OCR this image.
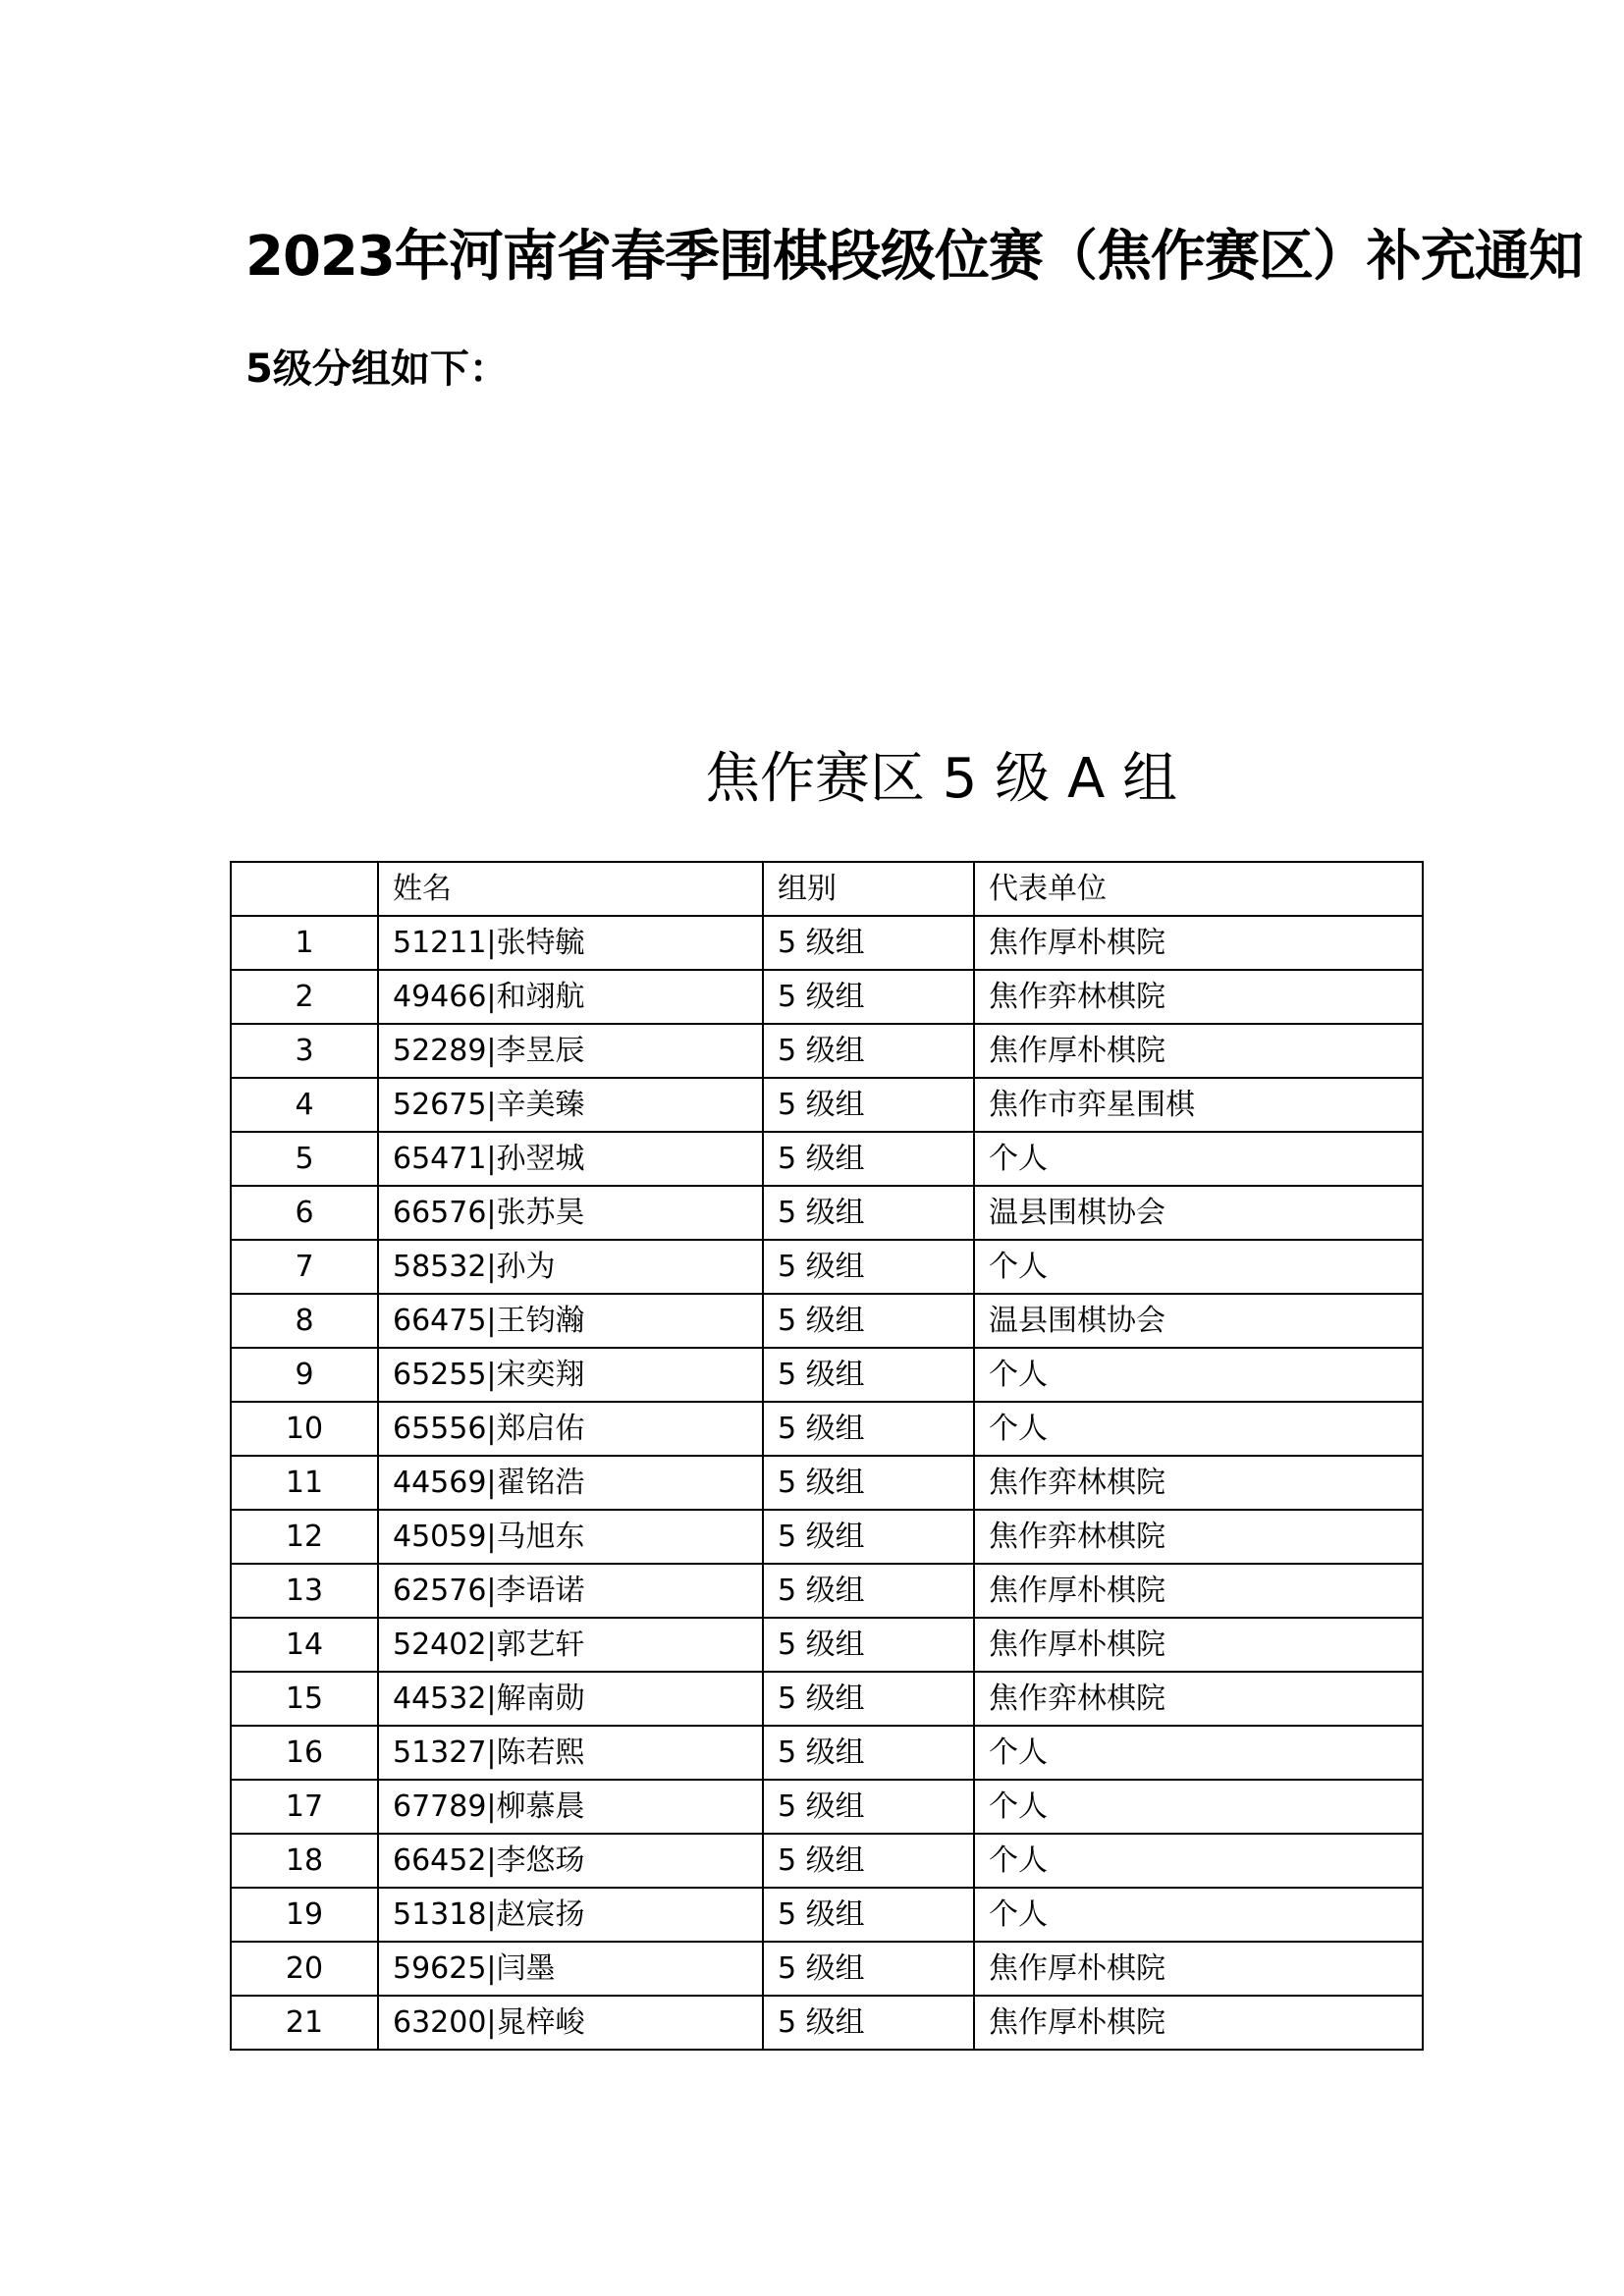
2023年河南省春季围棋段级位赛（焦作赛区）补充通知
5级分组如下：
焦作赛区 5 级 A 组
	姓名	组别	代表单位
1	51211|张特毓	5 级组	焦作厚朴棋院
2	49466|和翊航	5 级组	焦作弈林棋院
3	52289|李昱辰	5 级组	焦作厚朴棋院
4	52675|辛美臻	5 级组	焦作市弈星围棋
5	65471|孙翌城	5 级组	个人
6	66576|张苏昊	5 级组	温县围棋协会
7	58532|孙为	5 级组	个人
8	66475|王钧瀚	5 级组	温县围棋协会
9	65255|宋奕翔	5 级组	个人
10	65556|郑启佑	5 级组	个人
11	44569|翟铭浩	5 级组	焦作弈林棋院
12	45059|马旭东	5 级组	焦作弈林棋院
13	62576|李语诺	5 级组	焦作厚朴棋院
14	52402|郭艺轩	5 级组	焦作厚朴棋院
15	44532|解南勋	5 级组	焦作弈林棋院
16	51327|陈若熙	5 级组	个人
17	67789|柳慕晨	5 级组	个人
18	66452|李悠玚	5 级组	个人
19	51318|赵宸扬	5 级组	个人
20	59625|闫墨	5 级组	焦作厚朴棋院
21	63200|晁梓峻	5 级组	焦作厚朴棋院
